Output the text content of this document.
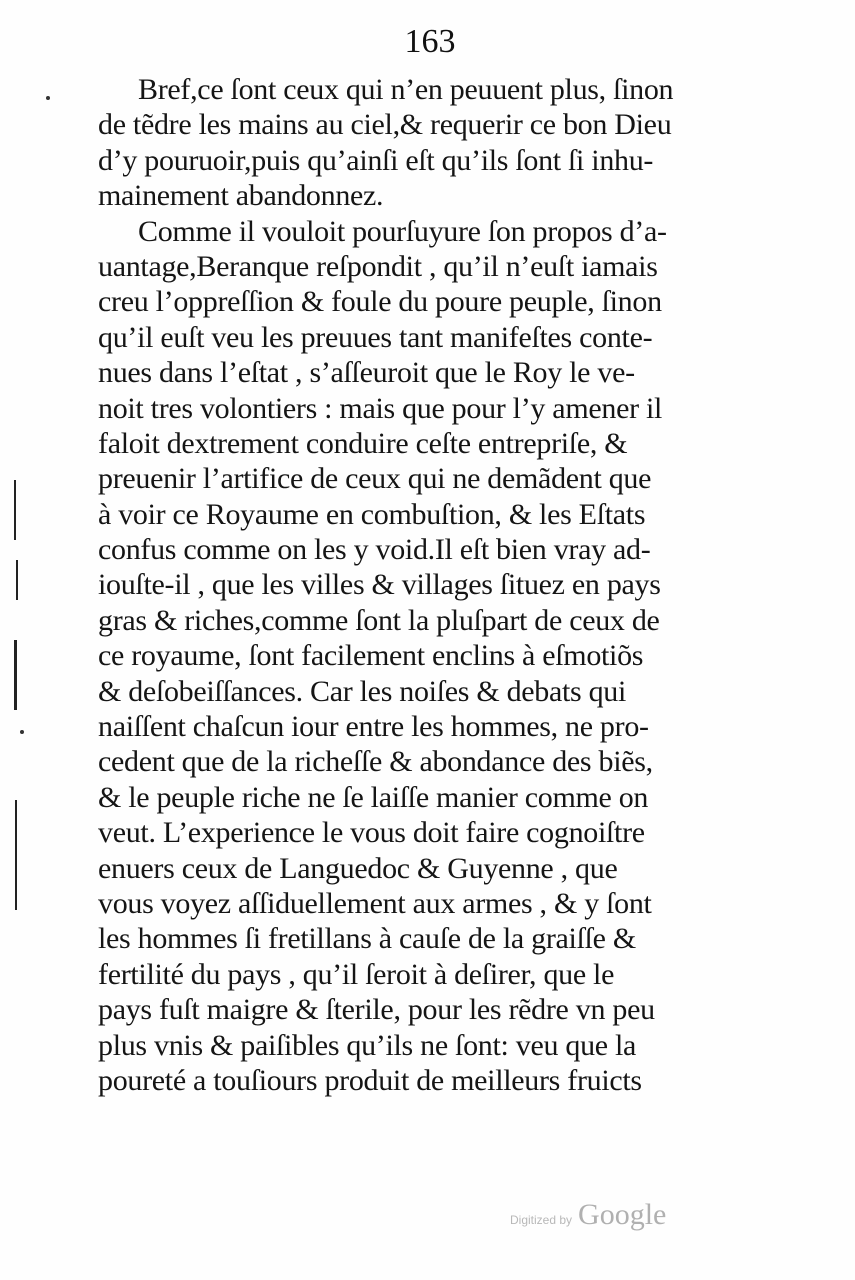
163
Bref,ce ſont ceux qui n’en peuuent plus, ſinon
de tẽdre les mains au ciel,& requerir ce bon Dieu
d’y pouruoir,puis qu’ainſi eſt qu’ils ſont ſi inhu-
mainement abandonnez.
Comme il vouloit pourſuyure ſon propos d’a-
uantage,Beranque reſpondit , qu’il n’euſt iamais
creu l’oppreſſion & foule du poure peuple, ſinon
qu’il euſt veu les preuues tant manifeſtes conte-
nues dans l’eſtat , s’aſſeuroit que le Roy le ve-
noit tres volontiers : mais que pour l’y amener il
faloit dextrement conduire ceſte entrepriſe, &
preuenir l’artifice de ceux qui ne demãdent que
à voir ce Royaume en combuſtion, & les Eſtats
confus comme on les y void.Il eſt bien vray ad-
iouſte-il , que les villes & villages ſituez en pays
gras & riches,comme ſont la pluſpart de ceux de
ce royaume, ſont facilement enclins à eſmotiõs
& deſobeiſſances. Car les noiſes & debats qui
naiſſent chaſcun iour entre les hommes, ne pro-
cedent que de la richeſſe & abondance des biẽs,
& le peuple riche ne ſe laiſſe manier comme on
veut. L’experience le vous doit faire cognoiſtre
enuers ceux de Languedoc & Guyenne , que
vous voyez aſſiduellement aux armes , & y ſont
les hommes ſi fretillans à cauſe de la graiſſe &
fertilité du pays , qu’il ſeroit à deſirer, que le
pays fuſt maigre & ſterile, pour les rẽdre vn peu
plus vnis & paiſibles qu’ils ne ſont: veu que la
poureté a touſiours produit de meilleurs fruicts
Digitized by Google
